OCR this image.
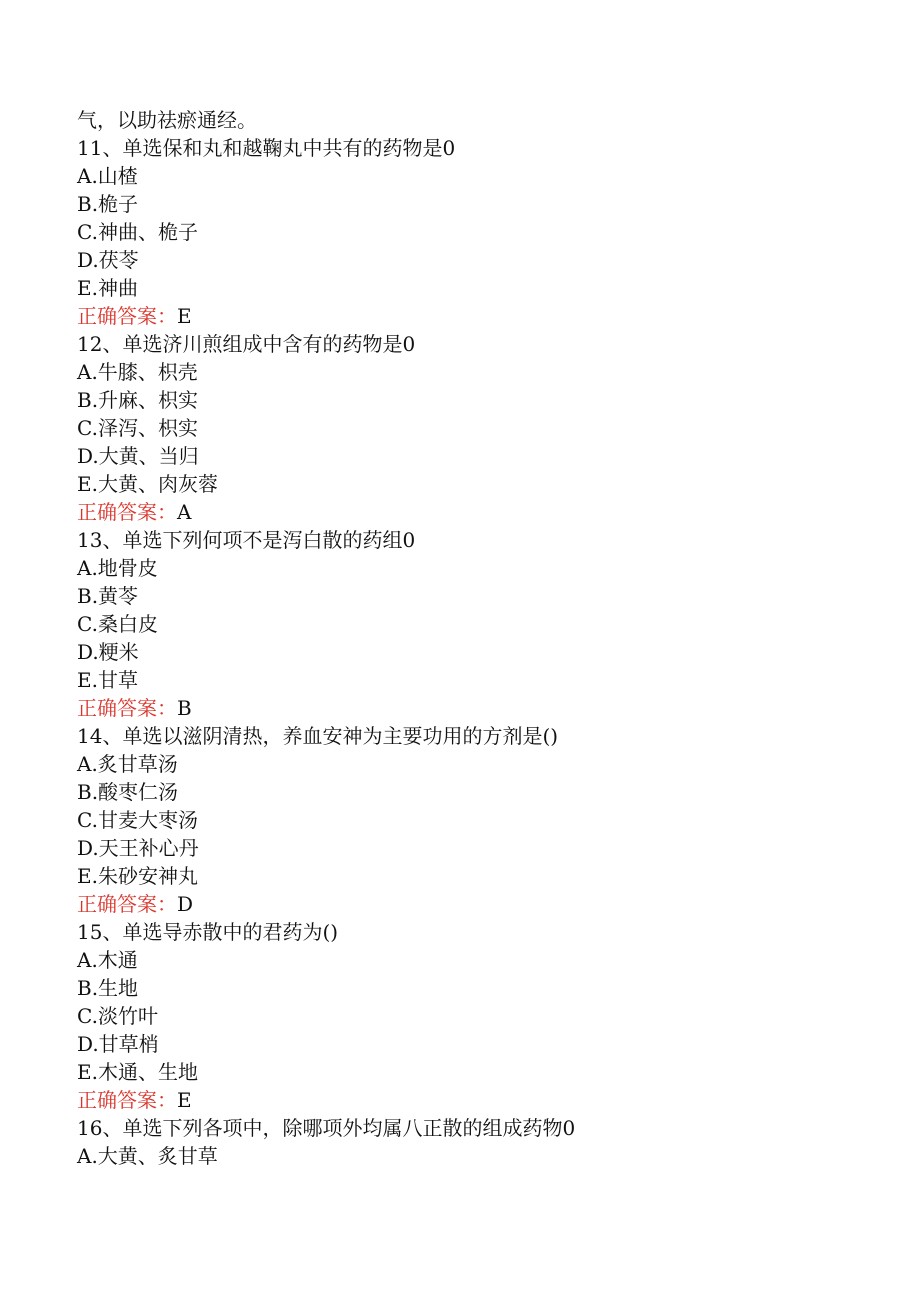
气，以助祛瘀通经。
11、单选保和丸和越鞠丸中共有的药物是0
A.山楂
B.桅子
C.神曲、桅子
D.茯苓
E.神曲
正确答案：E
12、单选济川煎组成中含有的药物是0
A.牛膝、枳壳
B.升麻、枳实
C.泽泻、枳实
D.大黄、当归
E.大黄、肉灰蓉
正确答案：A
13、单选下列何项不是泻白散的药组0
A.地骨皮
B.黄苓
C.桑白皮
D.粳米
E.甘草
正确答案：B
14、单选以滋阴清热，养血安神为主要功用的方剂是()
A.炙甘草汤
B.酸枣仁汤
C.甘麦大枣汤
D.天王补心丹
E.朱砂安神丸
正确答案：D
15、单选导赤散中的君药为()
A.木通
B.生地
C.淡竹叶
D.甘草梢
E.木通、生地
正确答案：E
16、单选下列各项中，除哪项外均属八正散的组成药物0
A.大黄、炙甘草
